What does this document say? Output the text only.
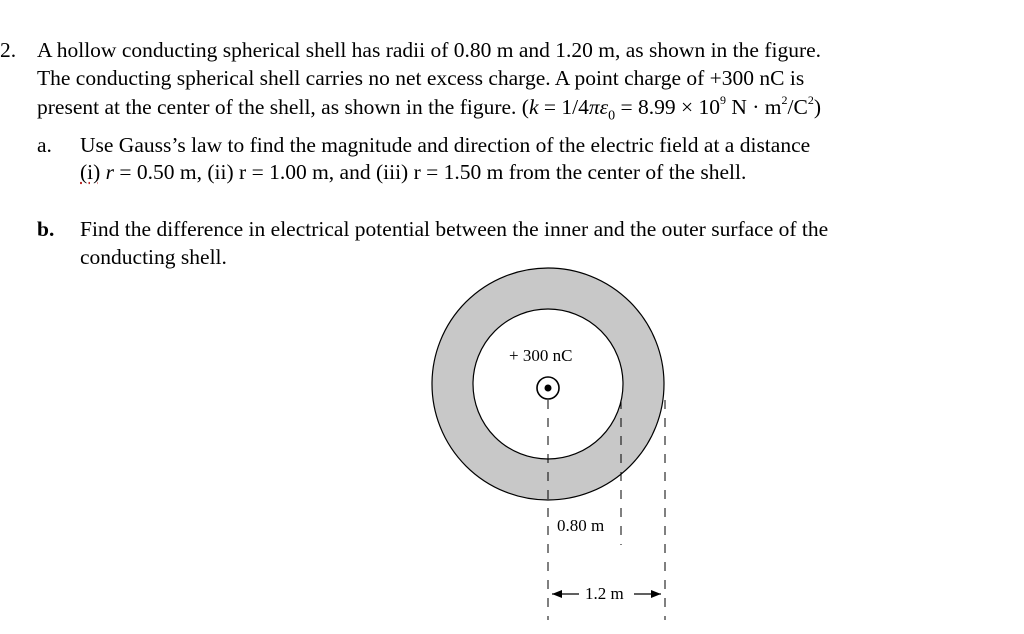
2. A hollow conducting spherical shell has radii of 0.80 m and 1.20 m, as shown in the figure.
The conducting spherical shell carries no net excess charge. A point charge of +300 nC is
present at the center of the shell, as shown in the figure. ($k = 1/4\pi\varepsilon_0 = 8.99 \times 10^9$ $N \cdot m^2/C^2$)
a. Use Gauss’s law to find the magnitude and direction of the electric field at a distance
(i) r = 0.50 m, (ii) r = 1.00 m, and (iii) r = 1.50 m from the center of the shell.
b. Find the difference in electrical potential between the inner and the outer surface of the
conducting shell.
+ 300 nC
0.80 m
1.2 m
